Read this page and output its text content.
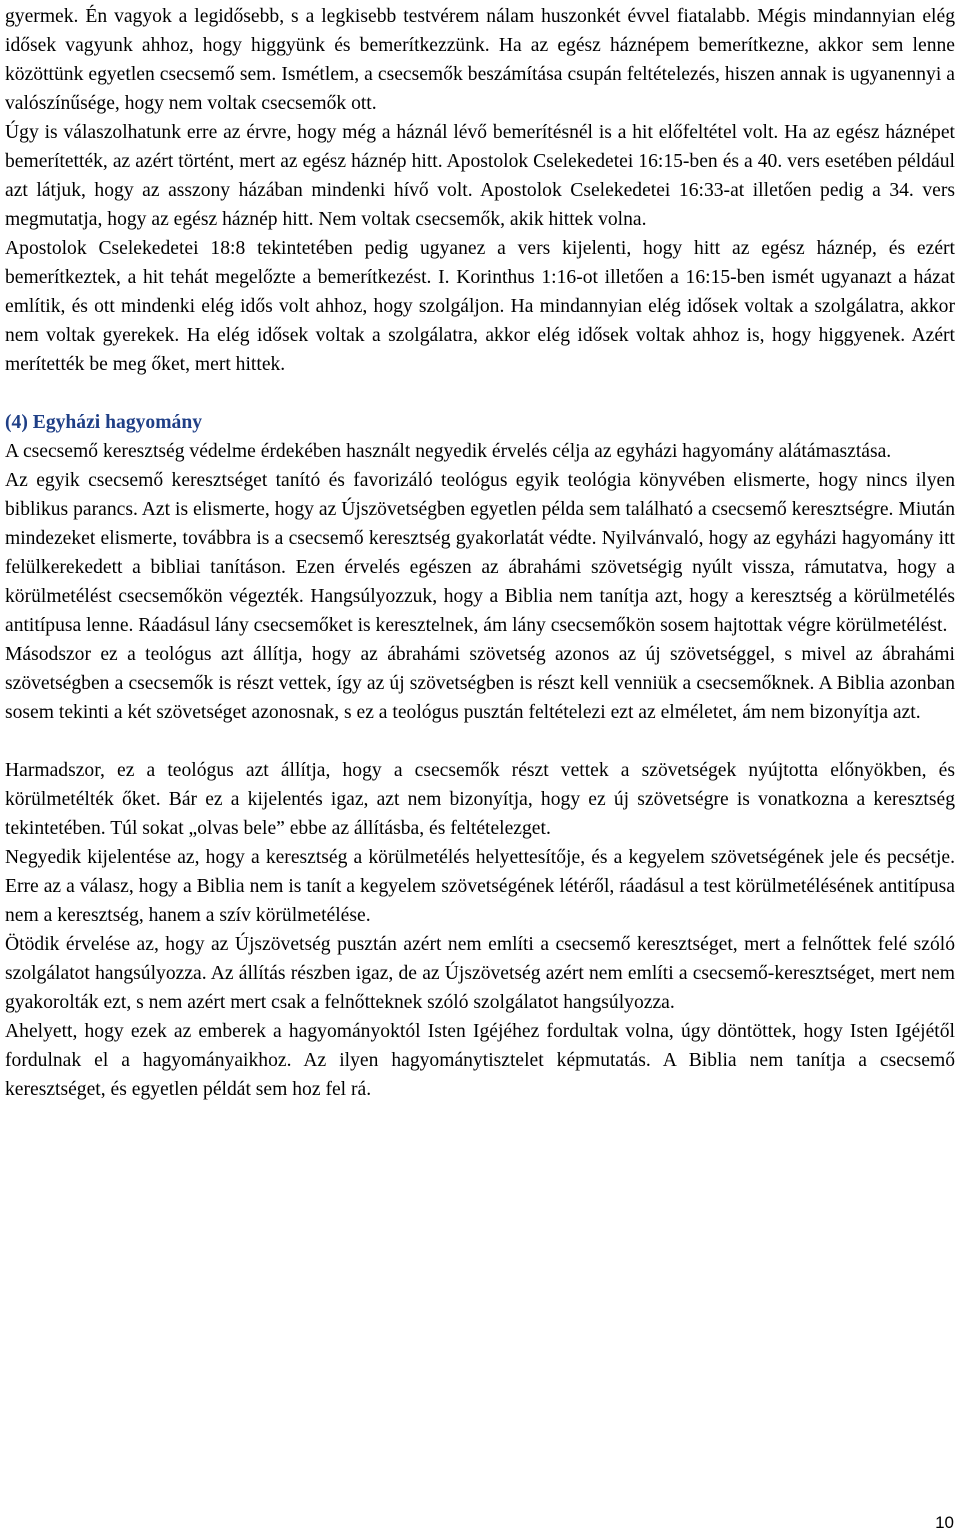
gyermek. Én vagyok a legidősebb, s a legkisebb testvérem nálam huszonkét évvel fiatalabb. Mégis mindannyian elég idősek vagyunk ahhoz, hogy higgyünk és bemerítkezzünk. Ha az egész háznépem bemerítkezne, akkor sem lenne közöttünk egyetlen csecsemő sem. Ismétlem, a csecsemők beszámítása csupán feltételezés, hiszen annak is ugyanennyi a valószínűsége, hogy nem voltak csecsemők ott.

Úgy is válaszolhatunk erre az érvre, hogy még a háznál lévő bemerítésnél is a hit előfeltétel volt. Ha az egész háznépet bemerítették, az azért történt, mert az egész háznép hitt. Apostolok Cselekedetei 16:15-ben és a 40. vers esetében például azt látjuk, hogy az asszony házában mindenki hívő volt. Apostolok Cselekedetei 16:33-at illetően pedig a 34. vers megmutatja, hogy az egész háznép hitt. Nem voltak csecsemők, akik hittek volna.

Apostolok Cselekedetei 18:8 tekintetében pedig ugyanez a vers kijelenti, hogy hitt az egész háznép, és ezért bemerítkeztek, a hit tehát megelőzte a bemerítkezést. I. Korinthus 1:16-ot illetően a 16:15-ben ismét ugyanazt a házat említik, és ott mindenki elég idős volt ahhoz, hogy szolgáljon. Ha mindannyian elég idősek voltak a szolgálatra, akkor nem voltak gyerekek. Ha elég idősek voltak a szolgálatra, akkor elég idősek voltak ahhoz is, hogy higgyenek. Azért merítették be meg őket, mert hittek.

(4) Egyházi hagyomány

A csecsemő keresztség védelme érdekében használt negyedik érvelés célja az egyházi hagyomány alátámasztása.

Az egyik csecsemő keresztséget tanító és favorizáló teológus egyik teológia könyvében elismerte, hogy nincs ilyen biblikus parancs. Azt is elismerte, hogy az Újszövetségben egyetlen példa sem található a csecsemő keresztségre. Miután mindezeket elismerte, továbbra is a csecsemő keresztség gyakorlatát védte. Nyilvánvaló, hogy az egyházi hagyomány itt felülkerekedett a bibliai tanításon. Ezen érvelés egészen az ábrahámi szövetségig nyúlt vissza, rámutatva, hogy a körülmetélést csecsemőkön végezték. Hangsúlyozzuk, hogy a Biblia nem tanítja azt, hogy a keresztség a körülmetélés antitípusa lenne. Ráadásul lány csecsemőket is keresztelnek, ám lány csecsemőkön sosem hajtottak végre körülmetélést.

Másodszor ez a teológus azt állítja, hogy az ábrahámi szövetség azonos az új szövetséggel, s mivel az ábrahámi szövetségben a csecsemők is részt vettek, így az új szövetségben is részt kell venniük a csecsemőknek. A Biblia azonban sosem tekinti a két szövetséget azonosnak, s ez a teológus pusztán feltételezi ezt az elméletet, ám nem bizonyítja azt.

Harmadszor, ez a teológus azt állítja, hogy a csecsemők részt vettek a szövetségek nyújtotta előnyökben, és körülmetélték őket. Bár ez a kijelentés igaz, azt nem bizonyítja, hogy ez új szövetségre is vonatkozna a keresztség tekintetében. Túl sokat „olvas bele” ebbe az állításba, és feltételezget.

Negyedik kijelentése az, hogy a keresztség a körülmetélés helyettesítője, és a kegyelem szövetségének jele és pecsétje. Erre az a válasz, hogy a Biblia nem is tanít a kegyelem szövetségének létéről, ráadásul a test körülmetélésének antitípusa nem a keresztség, hanem a szív körülmetélése.

Ötödik érvelése az, hogy az Újszövetség pusztán azért nem említi a csecsemő keresztséget, mert a felnőttek felé szóló szolgálatot hangsúlyozza. Az állítás részben igaz, de az Újszövetség azért nem említi a csecsemő-keresztséget, mert nem gyakorolták ezt, s nem azért mert csak a felnőtteknek szóló szolgálatot hangsúlyozza.

Ahelyett, hogy ezek az emberek a hagyományoktól Isten Igéjéhez fordultak volna, úgy döntöttek, hogy Isten Igéjétől fordulnak el a hagyományaikhoz. Az ilyen hagyománytisztelet képmutatás. A Biblia nem tanítja a csecsemő keresztséget, és egyetlen példát sem hoz fel rá.

10
